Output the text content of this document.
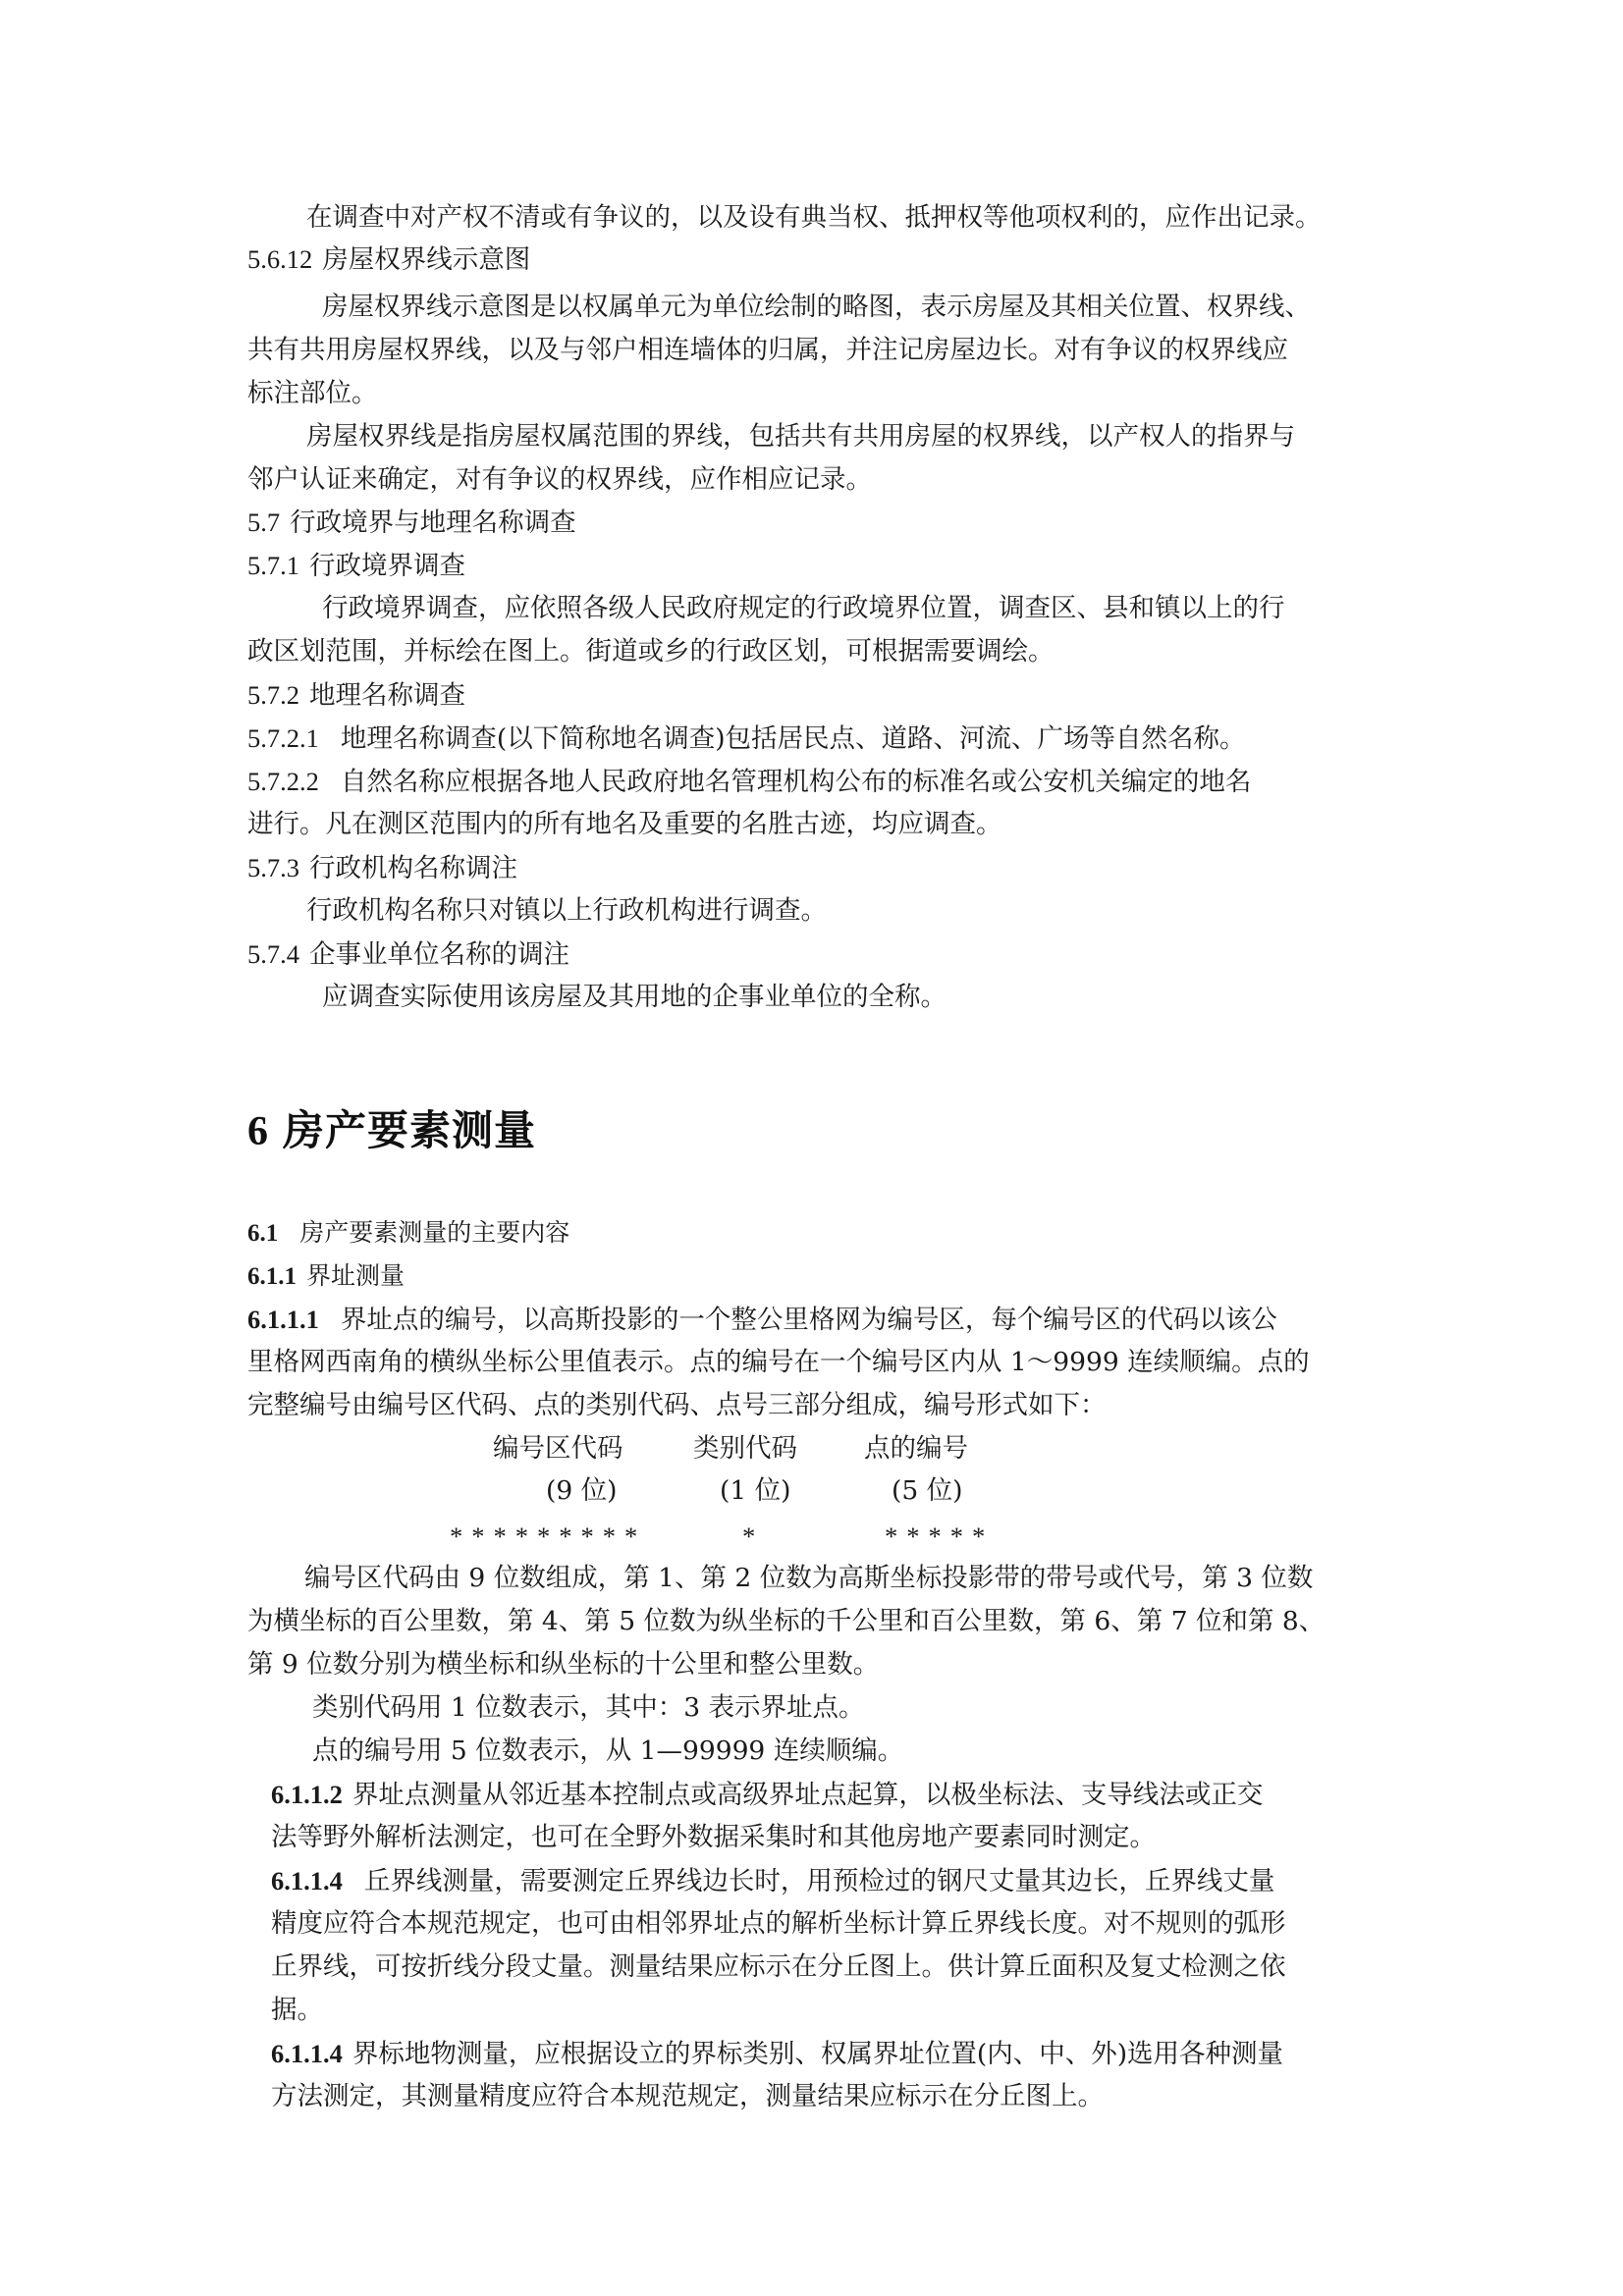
在调查中对产权不清或有争议的，以及设有典当权、抵押权等他项权利的，应作出记录。

5.6.12 房屋权界线示意图

房屋权界线示意图是以权属单元为单位绘制的略图，表示房屋及其相关位置、权界线、

共有共用房屋权界线，以及与邻户相连墙体的归属，并注记房屋边长。对有争议的权界线应

标注部位。

房屋权界线是指房屋权属范围的界线，包括共有共用房屋的权界线，以产权人的指界与

邻户认证来确定，对有争议的权界线，应作相应记录。

5.7 行政境界与地理名称调查

5.7.1 行政境界调查

行政境界调查，应依照各级人民政府规定的行政境界位置，调查区、县和镇以上的行

政区划范围，并标绘在图上。街道或乡的行政区划，可根据需要调绘。

5.7.2 地理名称调查

5.7.2.1 地理名称调查(以下简称地名调查)包括居民点、道路、河流、广场等自然名称。

5.7.2.2 自然名称应根据各地人民政府地名管理机构公布的标准名或公安机关编定的地名

进行。凡在测区范围内的所有地名及重要的名胜古迹，均应调查。

5.7.3 行政机构名称调注

行政机构名称只对镇以上行政机构进行调查。

5.7.4 企事业单位名称的调注

应调查实际使用该房屋及其用地的企事业单位的全称。

6 房产要素测量

6.1 房产要素测量的主要内容

6.1.1 界址测量

6.1.1.1 界址点的编号，以高斯投影的一个整公里格网为编号区，每个编号区的代码以该公

里格网西南角的横纵坐标公里值表示。点的编号在一个编号区内从 1～9999 连续顺编。点的

完整编号由编号区代码、点的类别代码、点号三部分组成，编号形式如下：

编号区代码	类别代码	点的编号

(9 位)	(1 位)	(5 位)

*********	*	*****

编号区代码由 9 位数组成，第 1、第 2 位数为高斯坐标投影带的带号或代号，第 3 位数

为横坐标的百公里数，第 4、第 5 位数为纵坐标的千公里和百公里数，第 6、第 7 位和第 8、

第 9 位数分别为横坐标和纵坐标的十公里和整公里数。

类别代码用 1 位数表示，其中：3 表示界址点。

点的编号用 5 位数表示，从 1—99999 连续顺编。

6.1.1.2 界址点测量从邻近基本控制点或高级界址点起算，以极坐标法、支导线法或正交

法等野外解析法测定，也可在全野外数据采集时和其他房地产要素同时测定。

6.1.1.4 丘界线测量，需要测定丘界线边长时，用预检过的钢尺丈量其边长，丘界线丈量

精度应符合本规范规定，也可由相邻界址点的解析坐标计算丘界线长度。对不规则的弧形

丘界线，可按折线分段丈量。测量结果应标示在分丘图上。供计算丘面积及复丈检测之依

据。

6.1.1.4 界标地物测量，应根据设立的界标类别、权属界址位置(内、中、外)选用各种测量

方法测定，其测量精度应符合本规范规定，测量结果应标示在分丘图上。
